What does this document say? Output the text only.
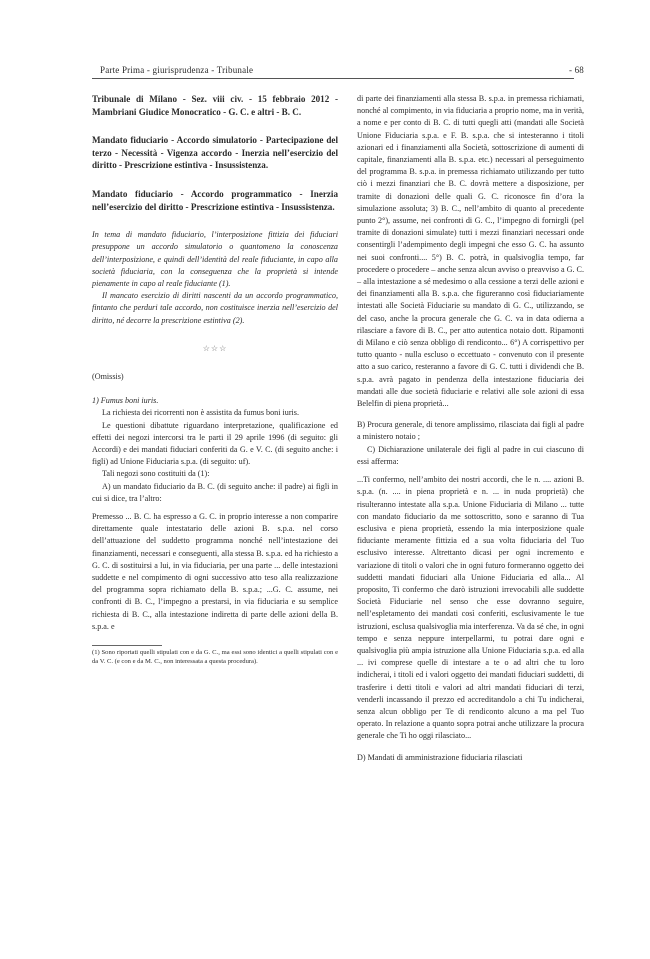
Parte Prima - giurisprudenza - Tribunale	- 68

Tribunale di Milano - Sez. viii civ. - 15 febbraio 2012 - Mambriani Giudice Monocratico - G. C. e altri - B. C.

Mandato fiduciario - Accordo simulatorio - Partecipazione del terzo - Necessità - Vigenza accordo - Inerzia nell’esercizio del diritto - Prescrizione estintiva - Insussistenza.

Mandato fiduciario - Accordo programmatico - Inerzia nell’esercizio del diritto - Prescrizione estintiva - Insussistenza.

In tema di mandato fiduciario, l’interposizione fittizia dei fiduciari presuppone un accordo simulatorio o quantomeno la conoscenza dell’interposizione, e quindi dell’identità del reale fiduciante, in capo alla società fiduciaria, con la conseguenza che la proprietà si intende pienamente in capo al reale fiduciante (1).

Il mancato esercizio di diritti nascenti da un accordo programmatico, fintanto che perduri tale accordo, non costituisce inerzia nell’esercizio del diritto, né decorre la prescrizione estintiva (2).

☆☆☆

(Omissis)

1) Fumus boni iuris.

La richiesta dei ricorrenti non è assistita da fumus boni iuris.

Le questioni dibattute riguardano interpretazione, qualificazione ed effetti dei negozi intercorsi tra le parti il 29 aprile 1996 (di seguito: gli Accordi) e dei mandati fiduciari conferiti da G. e V. C. (di seguito anche: i figli) ad Unione Fiduciaria s.p.a. (di seguito: uf).

Tali negozi sono costituiti da (1):

A) un mandato fiduciario da B. C. (di seguito anche: il padre) ai figli in cui si dice, tra l’altro:

Premesso ... B. C. ha espresso a G. C. in proprio interesse a non comparire direttamente quale intestatario delle azioni B. s.p.a. nel corso dell’attuazione del suddetto programma nonché nell’intestazione dei finanziamenti, necessari e conseguenti, alla stessa B. s.p.a. ed ha richiesto a G. C. di sostituirsi a lui, in via fiduciaria, per una parte ... delle intestazioni suddette e nel compimento di ogni successivo atto teso alla realizzazione del programma sopra richiamato della B. s.p.a.; ...G. C. assume, nei confronti di B. C., l’impegno a prestarsi, in via fiduciaria e su semplice richiesta di B. C., alla intestazione indiretta di parte delle azioni della B. s.p.a. e

(1) Sono riportati quelli stipulati con e da G. C., ma essi sono identici a quelli stipulati con e da V. C. (e con e da M. C., non interessata a questa procedura).

di parte dei finanziamenti alla stessa B. s.p.a. in premessa richiamati, nonché al compimento, in via fiduciaria a proprio nome, ma in verità, a nome e per conto di B. C. di tutti quegli atti (mandati alle Società Unione Fiduciaria s.p.a. e F. B. s.p.a. che si intesteranno i titoli azionari ed i finanziamenti alla Società, sottoscrizione di aumenti di capitale, finanziamenti alla B. s.p.a. etc.) necessari al perseguimento del programma B. s.p.a. in premessa richiamato utilizzando per tutto ciò i mezzi finanziari che B. C. dovrà mettere a disposizione, per tramite di donazioni delle quali G. C. riconosce fin d’ora la simulazione assoluta; 3) B. C., nell’ambito di quanto al precedente punto 2°), assume, nei confronti di G. C., l’impegno di fornirgli (pel tramite di donazioni simulate) tutti i mezzi finanziari necessari onde consentirgli l’adempimento degli impegni che esso G. C. ha assunto nei suoi confronti.... 5°) B. C. potrà, in qualsivoglia tempo, far procedere o procedere – anche senza alcun avviso o preavviso a G. C. – alla intestazione a sé medesimo o alla cessione a terzi delle azioni e dei finanziamenti alla B. s.p.a. che figureranno così fiduciariamente intestati alle Società Fiduciarie su mandato di G. C., utilizzando, se del caso, anche la procura generale che G. C. va in data odierna a rilasciare a favore di B. C., per atto autentica notaio dott. Ripamonti di Milano e ciò senza obbligo di rendiconto... 6°) A corrispettivo per tutto quanto - nulla escluso o eccettuato - convenuto con il presente atto a suo carico, resteranno a favore di G. C. tutti i dividendi che B. s.p.a. avrà pagato in pendenza della intestazione fiduciaria dei mandati alle due società fiduciarie e relativi alle sole azioni di essa Belelfin di piena proprietà...

B) Procura generale, di tenore amplissimo, rilasciata dai figli al padre a ministero notaio ;

C) Dichiarazione unilaterale dei figli al padre in cui ciascuno di essi afferma:

...Ti confermo, nell’ambito dei nostri accordi, che le n. .... azioni B. s.p.a. (n. .... in piena proprietà e n. ... in nuda proprietà) che risulteranno intestate alla s.p.a. Unione Fiduciaria di Milano ... tutte con mandato fiduciario da me sottoscritto, sono e saranno di Tua esclusiva e piena proprietà, essendo la mia interposizione quale fiduciante meramente fittizia ed a sua volta fiduciaria del Tuo esclusivo interesse. Altrettanto dicasi per ogni incremento e variazione di titoli o valori che in ogni futuro formeranno oggetto dei suddetti mandati fiduciari alla Unione Fiduciaria ed alla... Al proposito, Ti confermo che darò istruzioni irrevocabili alle suddette Società Fiduciarie nel senso che esse dovranno seguire, nell’espletamento dei mandati così conferiti, esclusivamente le tue istruzioni, esclusa qualsivoglia mia interferenza. Va da sé che, in ogni tempo e senza neppure interpellarmi, tu potrai dare ogni e qualsivoglia più ampia istruzione alla Unione Fiduciaria s.p.a. ed alla ... ivi comprese quelle di intestare a te o ad altri che tu loro indicherai, i titoli ed i valori oggetto dei mandati fiduciari suddetti, di trasferire i detti titoli e valori ad altri mandati fiduciari di terzi, venderli incassando il prezzo ed accreditandolo a chi Tu indicherai, senza alcun obbligo per Te di rendiconto alcuno a ma pel Tuo operato. In relazione a quanto sopra potrai anche utilizzare la procura generale che Ti ho oggi rilasciato...

D) Mandati di amministrazione fiduciaria rilasciati
